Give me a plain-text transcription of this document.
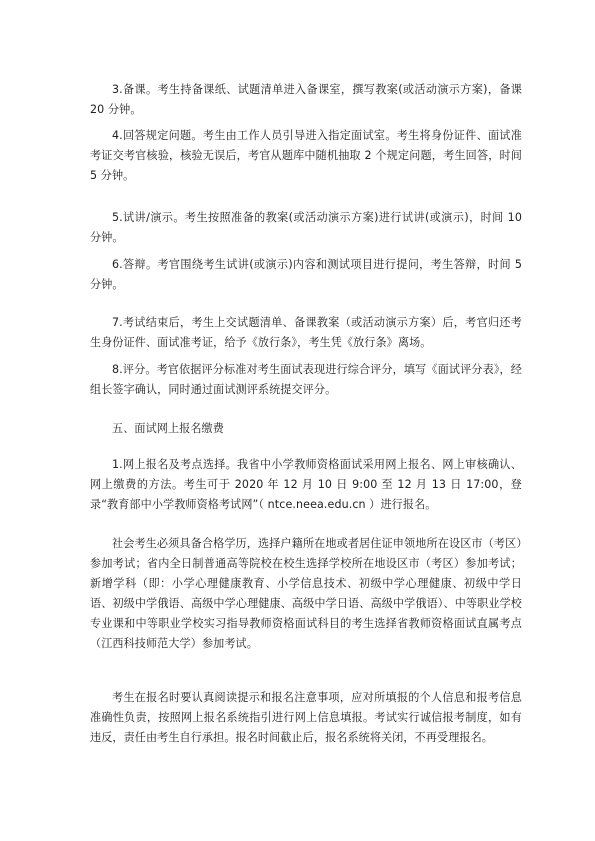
3.备课。考生持备课纸、试题清单进入备课室，撰写教案(或活动演示方案)，备课 20 分钟。

4.回答规定问题。考生由工作人员引导进入指定面试室。考生将身份证件、面试准考证交考官核验，核验无误后，考官从题库中随机抽取 2 个规定问题，考生回答，时间 5 分钟。

5.试讲/演示。考生按照准备的教案(或活动演示方案)进行试讲(或演示)，时间 10 分钟。

6.答辩。考官围绕考生试讲(或演示)内容和测试项目进行提问，考生答辩，时间 5 分钟。

7.考试结束后，考生上交试题清单、备课教案（或活动演示方案）后，考官归还考生身份证件、面试准考证，给予《放行条》，考生凭《放行条》离场。

8.评分。考官依据评分标准对考生面试表现进行综合评分，填写《面试评分表》，经组长签字确认，同时通过面试测评系统提交评分。

五、面试网上报名缴费

1.网上报名及考点选择。我省中小学教师资格面试采用网上报名、网上审核确认、网上缴费的方法。考生可于 2020 年 12 月 10 日 9:00 至 12 月 13 日 17:00，登录“教育部中小学教师资格考试网”（ ntce.neea.edu.cn ）进行报名。

社会考生必须具备合格学历，选择户籍所在地或者居住证申领地所在设区市（考区）参加考试；省内全日制普通高等院校在校生选择学校所在地设区市（考区）参加考试；新增学科（即：小学心理健康教育、小学信息技术、初级中学心理健康、初级中学日语、初级中学俄语、高级中学心理健康、高级中学日语、高级中学俄语）、中等职业学校专业课和中等职业学校实习指导教师资格面试科目的考生选择省教师资格面试直属考点（江西科技师范大学）参加考试。

考生在报名时要认真阅读提示和报名注意事项，应对所填报的个人信息和报考信息准确性负责，按照网上报名系统指引进行网上信息填报。考试实行诚信报考制度，如有违反，责任由考生自行承担。报名时间截止后，报名系统将关闭，不再受理报名。
